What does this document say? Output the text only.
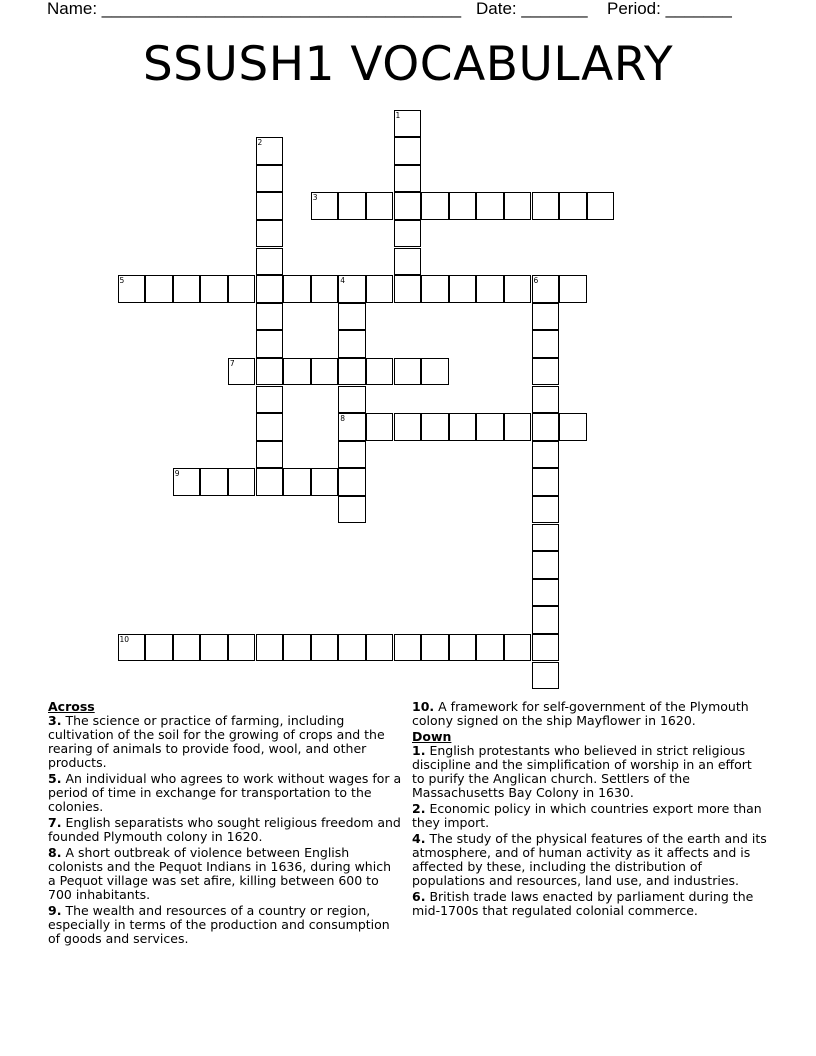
Name: ______________________________________ Date: _______ Period: _______
SSUSH1 VOCABULARY
3
5	4	6
7
8
9
10
1
2
Across
3. The science or practice of farming, including cultivation of the soil for the growing of crops and the rearing of animals to provide food, wool, and other products.
5. An individual who agrees to work without wages for a period of time in exchange for transportation to the colonies.
7. English separatists who sought religious freedom and founded Plymouth colony in 1620.
8. A short outbreak of violence between English colonists and the Pequot Indians in 1636, during which a Pequot village was set afire, killing between 600 to 700 inhabitants.
9. The wealth and resources of a country or region, especially in terms of the production and consumption of goods and services.
10. A framework for self-government of the Plymouth colony signed on the ship Mayflower in 1620.
Down
1. English protestants who believed in strict religious discipline and the simplification of worship in an effort to purify the Anglican church. Settlers of the Massachusetts Bay Colony in 1630.
2. Economic policy in which countries export more than they import.
4. The study of the physical features of the earth and its atmosphere, and of human activity as it affects and is affected by these, including the distribution of populations and resources, land use, and industries.
6. British trade laws enacted by parliament during the mid-1700s that regulated colonial commerce.
